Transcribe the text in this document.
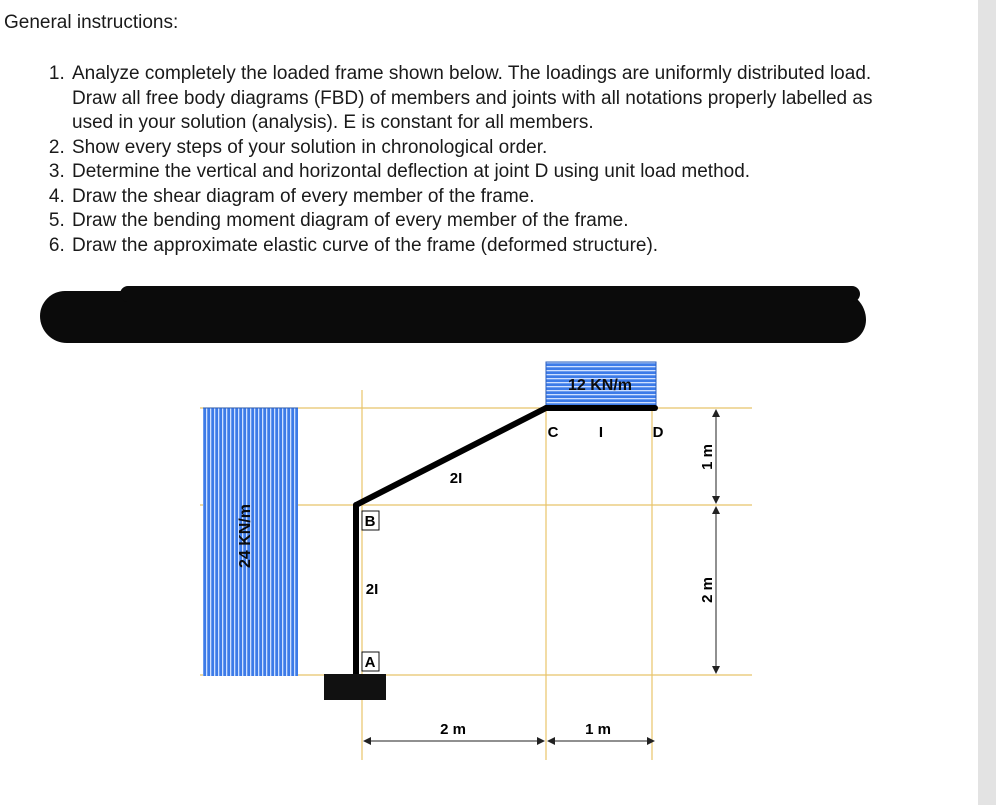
General instructions:
1. Analyze completely the loaded frame shown below. The loadings are uniformly distributed load. Draw all free body diagrams (FBD) of members and joints with all notations properly labelled as used in your solution (analysis). E is constant for all members.
2. Show every steps of your solution in chronological order.
3. Determine the vertical and horizontal deflection at joint D using unit load method.
4. Draw the shear diagram of every member of the frame.
5. Draw the bending moment diagram of every member of the frame.
6. Draw the approximate elastic curve of the frame (deformed structure).
24 KN/m
12 KN/m
B
A
C	D
2I
2I
I
2 m	1 m
1 m
2 m
